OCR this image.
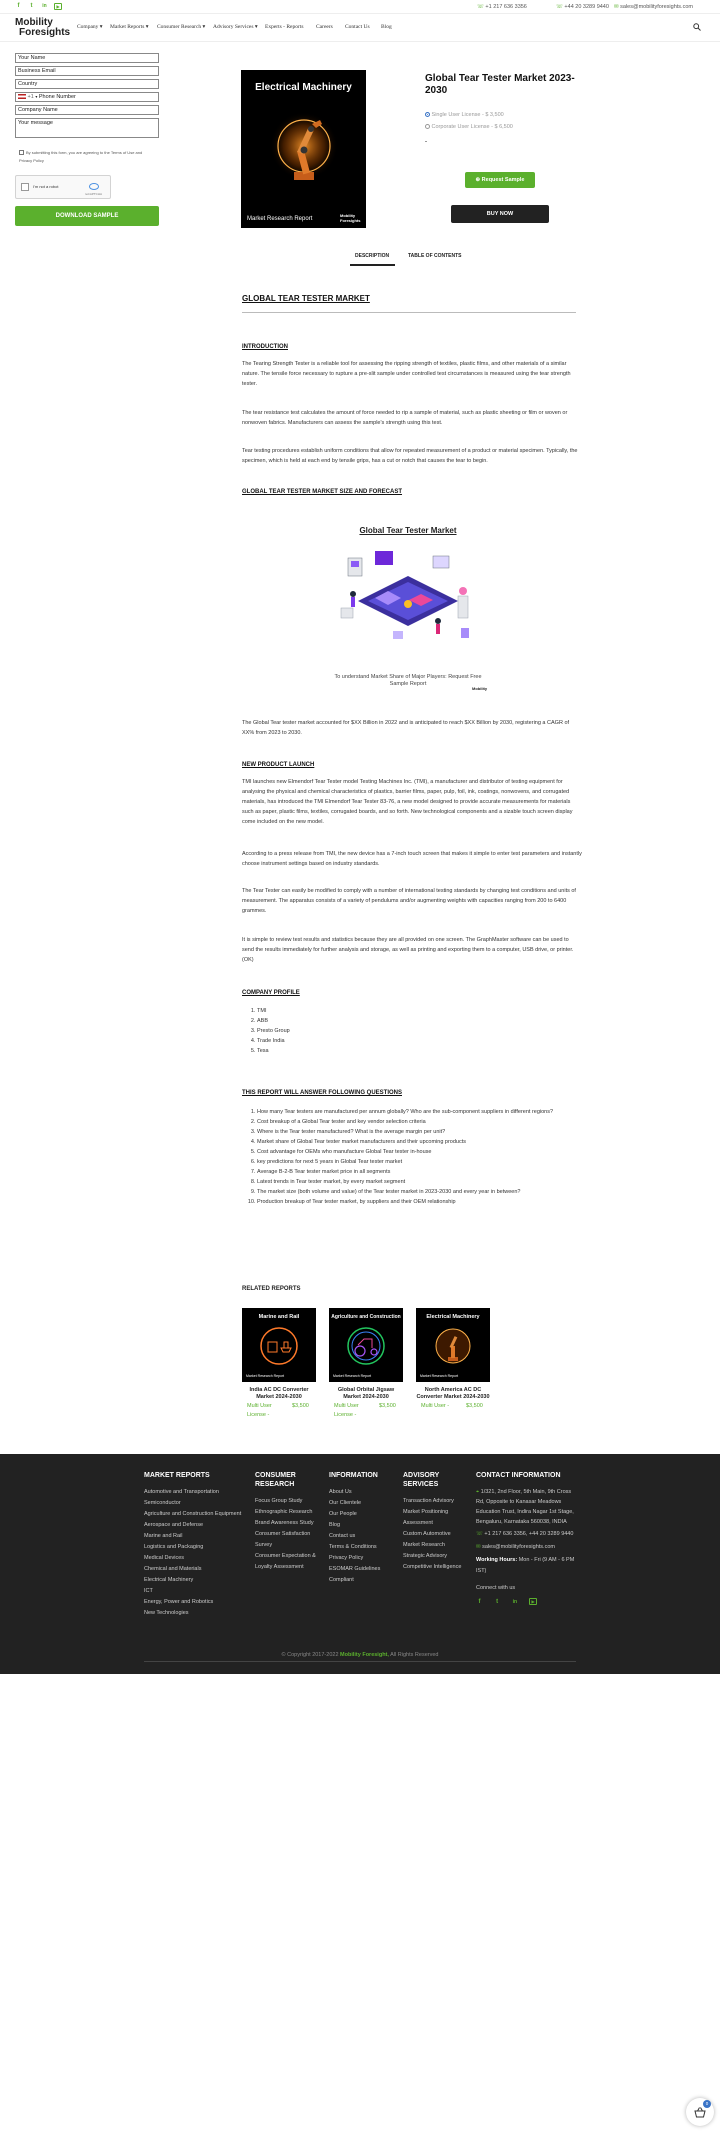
f	t	in	▶	☏ +1 217 636 3356	☏ +44 20 3289 9440 ✉ sales@mobilityforesights.com
Mobility
Foresights Company ▾ Market Reports ▾ Consumer Research ▾ Advisory Services ▾ Experts - Reports Careers Contact Us Blog
Your Name
Business Email
Country
+1 ▾ Phone Number
Company Name
Your message
By submitting this form, you are agreeing to the Terms of Use and
Privacy Policy
I'm not a robot
reCAPTCHA
DOWNLOAD SAMPLE
Electrical Machinery
Market Research Report
Mobility Foresights
Global Tear Tester Market 2023-2030
Single User License - $ 3,500
Corporate User License - $ 6,500
⊕ Request Sample
BUY NOW
DESCRIPTION	TABLE OF CONTENTS
GLOBAL TEAR TESTER MARKET
INTRODUCTION

The Tearing Strength Tester is a reliable tool for assessing the ripping strength of textiles, plastic films, and other materials of a similar nature. The tensile force necessary to rupture a pre-slit sample under controlled test circumstances is measured using the tear strength tester.

The tear resistance test calculates the amount of force needed to rip a sample of material, such as plastic sheeting or film or woven or nonwoven fabrics. Manufacturers can assess the sample's strength using this test.

Tear testing procedures establish uniform conditions that allow for repeated measurement of a product or material specimen. Typically, the specimen, which is held at each end by tensile grips, has a cut or notch that causes the tear to begin.

GLOBAL TEAR TESTER MARKET SIZE AND FORECAST
Global Tear Tester Market
To understand Market Share of Major Players: Request Free Sample Report
Mobility

The Global Tear tester market accounted for $XX Billion in 2022 and is anticipated to reach $XX Billion by 2030, registering a CAGR of XX% from 2023 to 2030.

NEW PRODUCT LAUNCH

TMI launches new Elmendorf Tear Tester model Testing Machines Inc. (TMI), a manufacturer and distributor of testing equipment for analysing the physical and chemical characteristics of plastics, barrier films, paper, pulp, foil, ink, coatings, nonwovens, and corrugated materials, has introduced the TMI Elmendorf Tear Tester 83-76, a new model designed to provide accurate measurements for materials such as paper, plastic films, textiles, corrugated boards, and so forth. New technological components and a sizable touch screen display come included on the new model.

According to a press release from TMI, the new device has a 7-inch touch screen that makes it simple to enter test parameters and instantly choose instrument settings based on industry standards.

The Tear Tester can easily be modified to comply with a number of international testing standards by changing test conditions and units of measurement. The apparatus consists of a variety of pendulums and/or augmenting weights with capacities ranging from 200 to 6400 grammes.

It is simple to review test results and statistics because they are all provided on one screen. The GraphMaster software can be used to send the results immediately for further analysis and storage, as well as printing and exporting them to a computer, USB drive, or printer. (OK)

COMPANY PROFILE
1. TMI
2. ABB
3. Presto Group
4. Trade India
5. Tesa
THIS REPORT WILL ANSWER FOLLOWING QUESTIONS
1. How many Tear testers are manufactured per annum globally? Who are the sub-component suppliers in different regions?
2. Cost breakup of a Global Tear tester and key vendor selection criteria
3. Where is the Tear tester manufactured? What is the average margin per unit?
4. Market share of Global Tear tester market manufacturers and their upcoming products
5. Cost advantage for OEMs who manufacture Global Tear tester in-house
6. key predictions for next 5 years in Global Tear tester market
7. Average B-2-B Tear tester market price in all segments
8. Latest trends in Tear tester market, by every market segment
9. The market size (both volume and value) of the Tear tester market in 2023-2030 and every year in between?
10. Production breakup of Tear tester market, by suppliers and their OEM relationship
RELATED REPORTS
Marine and Rail
Market Research Report
India AC DC Converter Market 2024-2030
Multi User License -
$3,500
Agriculture and Construction
Market Research Report
Global Orbital Jigsaw Market 2024-2030
Multi User License -
$3,500
Electrical Machinery
Market Research Report
North America AC DC Converter Market 2024-2030
Multi User -	$3,500
MARKET REPORTS
Automotive and Transportation
Semiconductor
Agriculture and Construction Equipment
Aerospace and Defense
Marine and Rail
Logistics and Packaging
Medical Devices
Chemical and Materials
Electrical Machinery
ICT
Energy, Power and Robotics
New Technologies
CONSUMER RESEARCH
Focus Group Study
Ethnographic Research
Brand Awareness Study
Consumer Satisfaction Survey
Consumer Expectation & Loyalty Assessment
INFORMATION
About Us
Our Clientele
Our People
Blog
Contact us
Terms & Conditions
Privacy Policy
ESOMAR Guidelines Compliant
ADVISORY SERVICES
Transaction Advisory
Market Positioning Assessment
Custom Automotive Market Research
Strategic Advisory
Competitive Intelligence
CONTACT INFORMATION
⌖ 1/321, 2nd Floor, 5th Main, 9th Cross Rd, Opposite to Kanasar Meadows Education Trust, Indira Nagar 1st Stage, Bengaluru, Karnataka 560038, INDIA
☏ +1 217 636 3356, +44 20 3289 9440
✉ sales@mobilityforesights.com
Working Hours: Mon - Fri (9 AM - 6 PM IST)
Connect with us
f	t	in	▶
© Copyright 2017-2022 Mobility Foresight, All Rights Reserved
0
